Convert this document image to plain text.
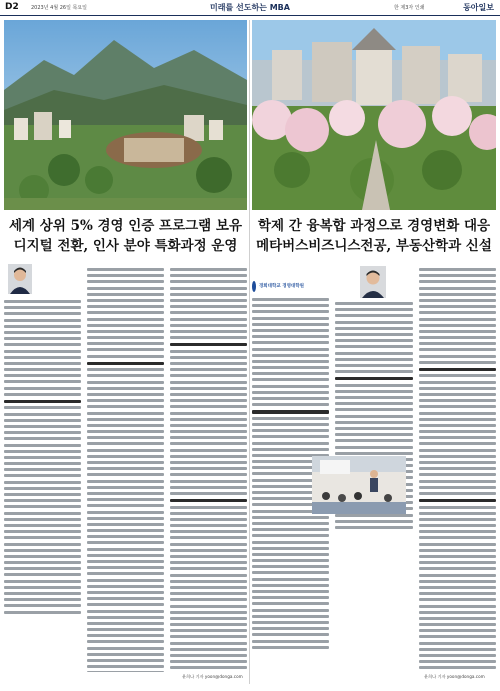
D2 2023년 4월 26일 목요일	미래를 선도하는 MBA	한 제3자 인쇄	동아일보
세계 상위 5% 경영 인증 프로그램 보유
디지털 전환, 인사 분야 특화과정 운영
윤희나 기자 yoon@donga.com
학제 간 융복합 과정으로 경영변화 대응
메타버스비즈니스전공, 부동산학과 신설
경희대학교 경영대학원
윤희나 기자 yoon@donga.com
